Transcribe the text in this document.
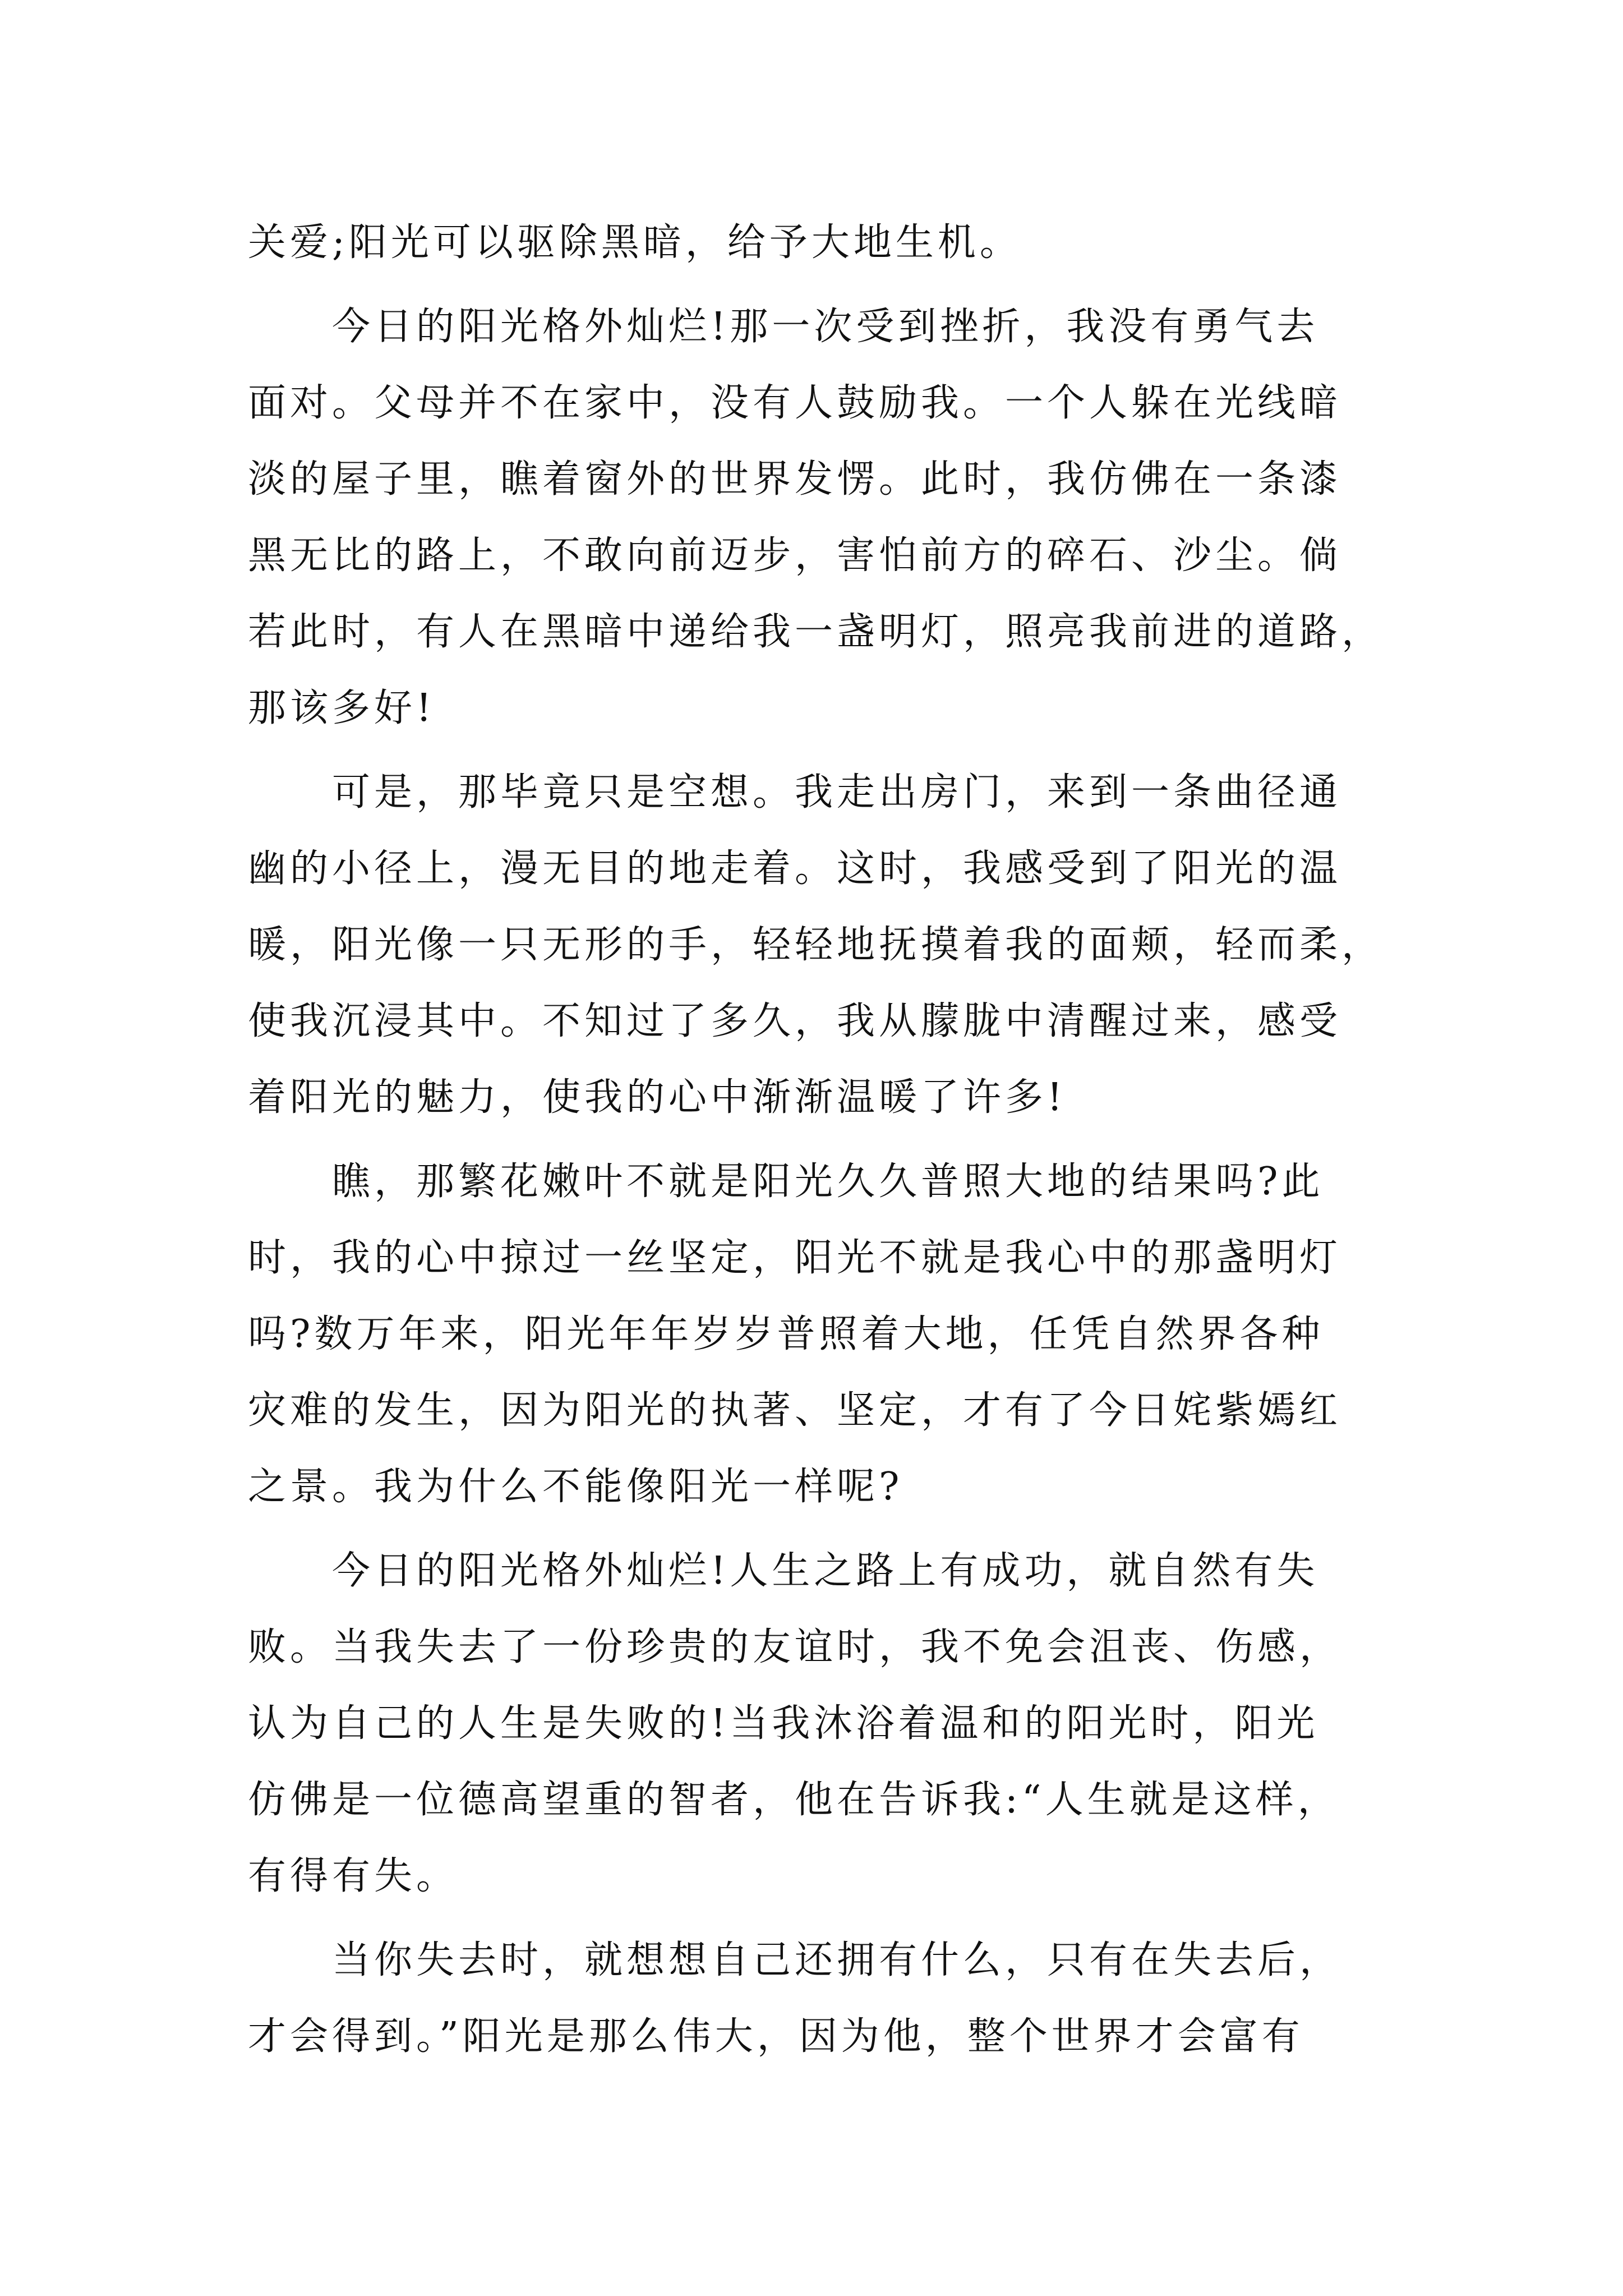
关爱;阳光可以驱除黑暗，给予大地生机。
今日的阳光格外灿烂!那一次受到挫折，我没有勇气去
面对。父母并不在家中，没有人鼓励我。一个人躲在光线暗
淡的屋子里，瞧着窗外的世界发愣。此时，我仿佛在一条漆
黑无比的路上，不敢向前迈步，害怕前方的碎石、沙尘。倘
若此时，有人在黑暗中递给我一盏明灯，照亮我前进的道路，
那该多好!
可是，那毕竟只是空想。我走出房门，来到一条曲径通
幽的小径上，漫无目的地走着。这时，我感受到了阳光的温
暖，阳光像一只无形的手，轻轻地抚摸着我的面颊，轻而柔，
使我沉浸其中。不知过了多久，我从朦胧中清醒过来，感受
着阳光的魅力，使我的心中渐渐温暖了许多!
瞧，那繁花嫩叶不就是阳光久久普照大地的结果吗?此
时，我的心中掠过一丝坚定，阳光不就是我心中的那盏明灯
吗?数万年来，阳光年年岁岁普照着大地，任凭自然界各种
灾难的发生，因为阳光的执著、坚定，才有了今日姹紫嫣红
之景。我为什么不能像阳光一样呢?
今日的阳光格外灿烂!人生之路上有成功，就自然有失
败。当我失去了一份珍贵的友谊时，我不免会沮丧、伤感，
认为自己的人生是失败的!当我沐浴着温和的阳光时，阳光
仿佛是一位德高望重的智者，他在告诉我:“人生就是这样，
有得有失。
当你失去时，就想想自己还拥有什么，只有在失去后，
才会得到。”阳光是那么伟大，因为他，整个世界才会富有
